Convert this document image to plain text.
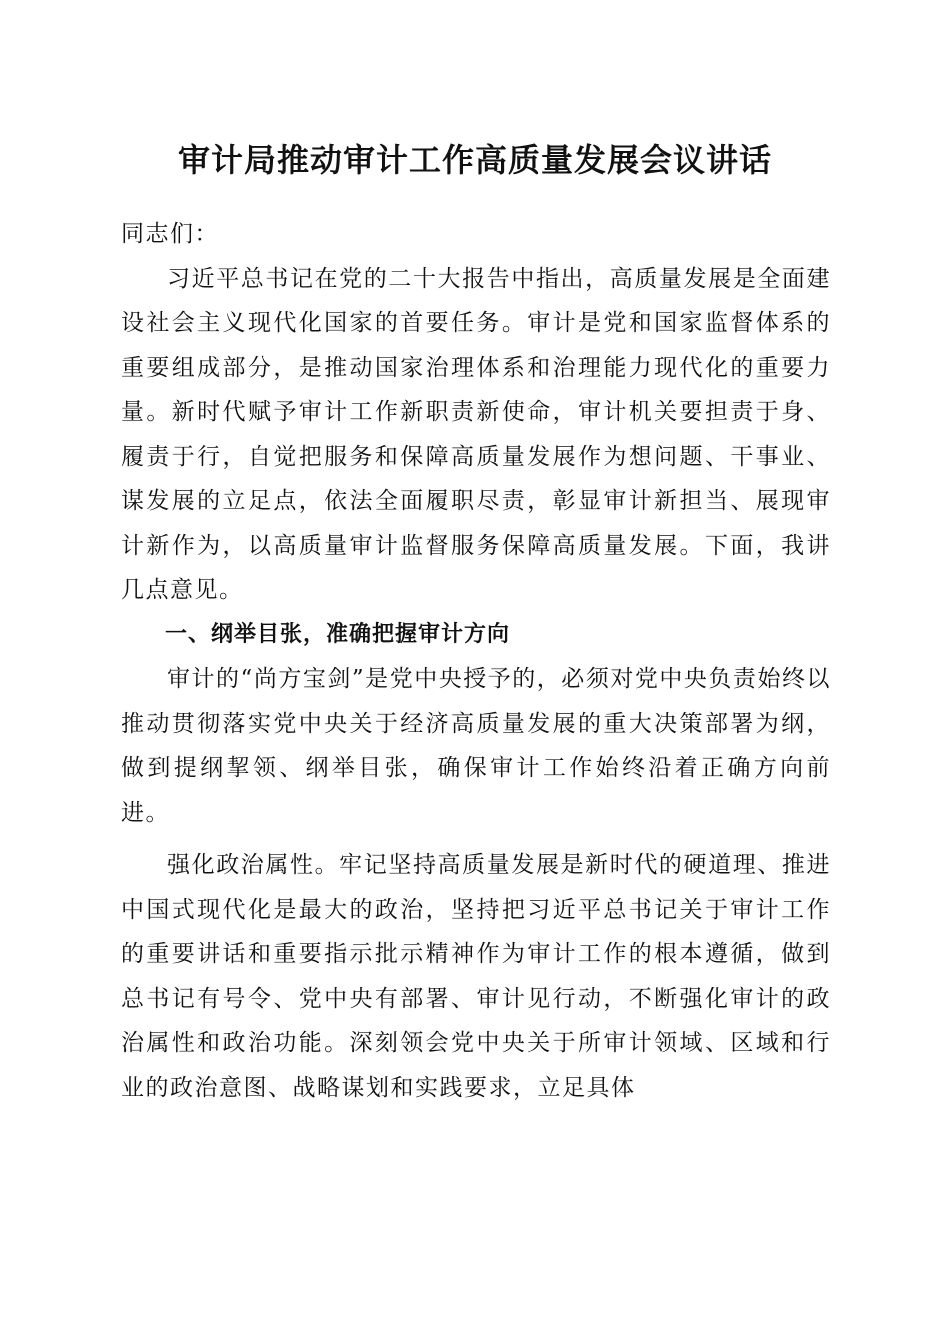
审计局推动审计工作高质量发展会议讲话

同志们：

习近平总书记在党的二十大报告中指出，高质量发展是全面建设社会主义现代化国家的首要任务。审计是党和国家监督体系的重要组成部分，是推动国家治理体系和治理能力现代化的重要力量。新时代赋予审计工作新职责新使命，审计机关要担责于身、履责于行，自觉把服务和保障高质量发展作为想问题、干事业、谋发展的立足点，依法全面履职尽责，彰显审计新担当、展现审计新作为，以高质量审计监督服务保障高质量发展。下面，我讲几点意见。

一、纲举目张，准确把握审计方向

审计的“尚方宝剑”是党中央授予的，必须对党中央负责始终以推动贯彻落实党中央关于经济高质量发展的重大决策部署为纲，做到提纲挈领、纲举目张，确保审计工作始终沿着正确方向前进。

强化政治属性。牢记坚持高质量发展是新时代的硬道理、推进中国式现代化是最大的政治，坚持把习近平总书记关于审计工作的重要讲话和重要指示批示精神作为审计工作的根本遵循，做到总书记有号令、党中央有部署、审计见行动，不断强化审计的政治属性和政治功能。深刻领会党中央关于所审计领域、区域和行业的政治意图、战略谋划和实践要求，立足具体
